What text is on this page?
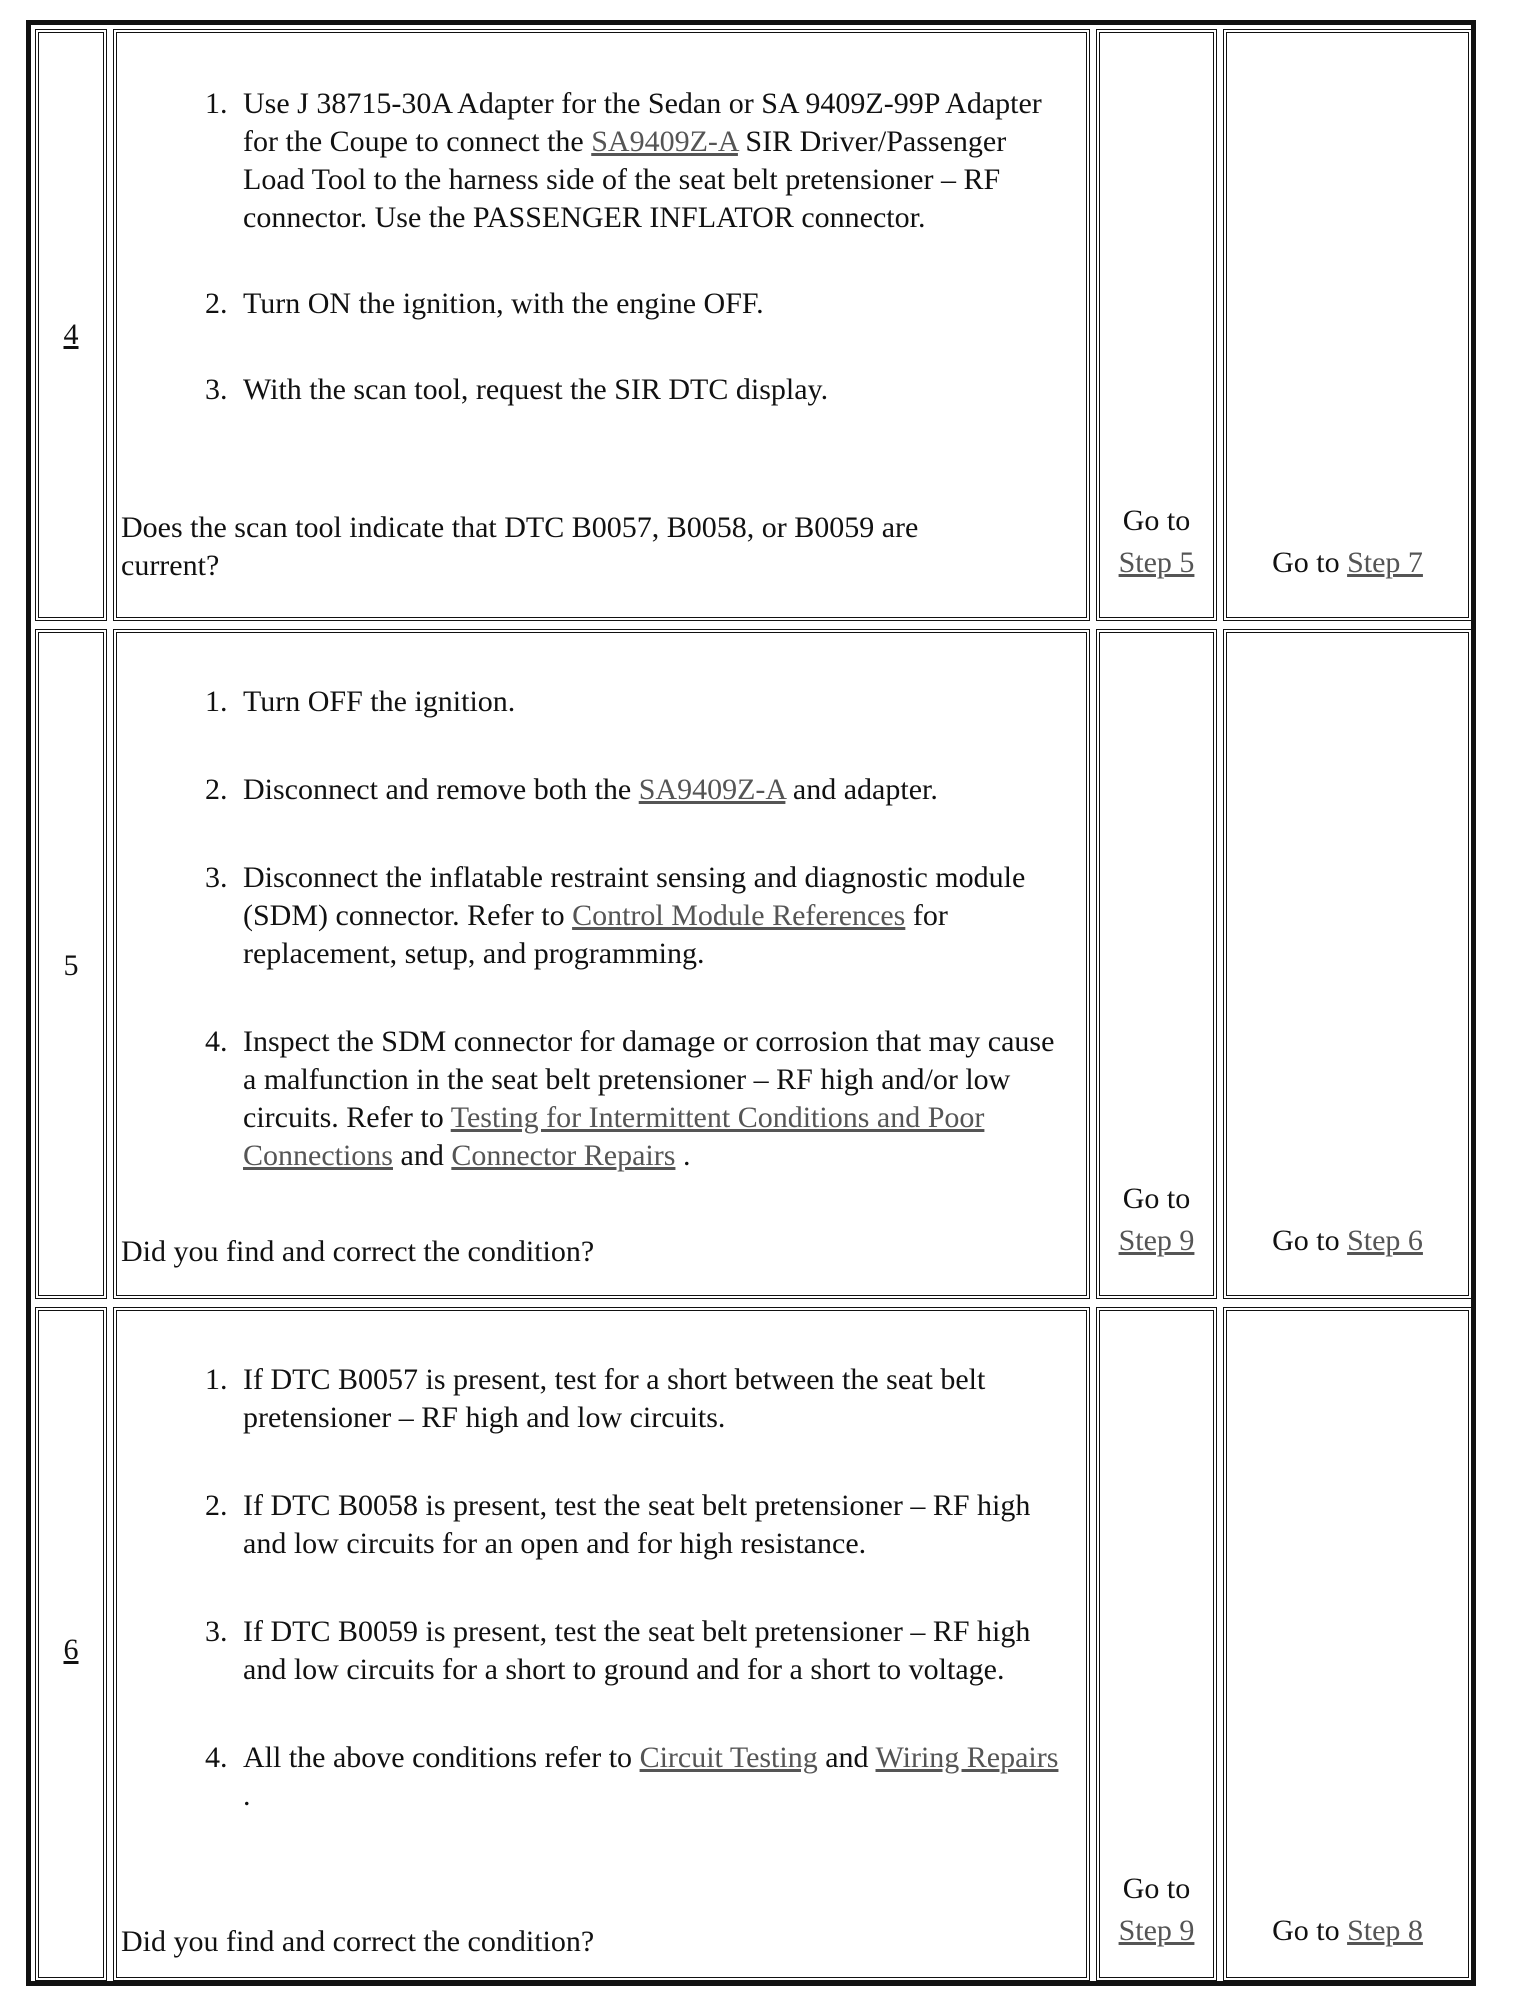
4
1. Use J 38715-30A Adapter for the Sedan or SA 9409Z-99P Adapter for the Coupe to connect the SA9409Z-A SIR Driver/Passenger Load Tool to the harness side of the seat belt pretensioner – RF connector. Use the PASSENGER INFLATOR connector.
2. Turn ON the ignition, with the engine OFF.
3. With the scan tool, request the SIR DTC display.
Does the scan tool indicate that DTC B0057, B0058, or B0059 are current?
Go to
Step 5	Go to Step 7
5
1. Turn OFF the ignition.
2. Disconnect and remove both the SA9409Z-A and adapter.
3. Disconnect the inflatable restraint sensing and diagnostic module (SDM) connector. Refer to Control Module References for replacement, setup, and programming.
4. Inspect the SDM connector for damage or corrosion that may cause a malfunction in the seat belt pretensioner – RF high and/or low circuits. Refer to Testing for Intermittent Conditions and Poor Connections and Connector Repairs .
Did you find and correct the condition?
Go to
Step 9	Go to Step 6
6
1. If DTC B0057 is present, test for a short between the seat belt pretensioner – RF high and low circuits.
2. If DTC B0058 is present, test the seat belt pretensioner – RF high and low circuits for an open and for high resistance.
3. If DTC B0059 is present, test the seat belt pretensioner – RF high and low circuits for a short to ground and for a short to voltage.
4. All the above conditions refer to Circuit Testing and Wiring Repairs .
Did you find and correct the condition?
Go to
Step 9	Go to Step 8
